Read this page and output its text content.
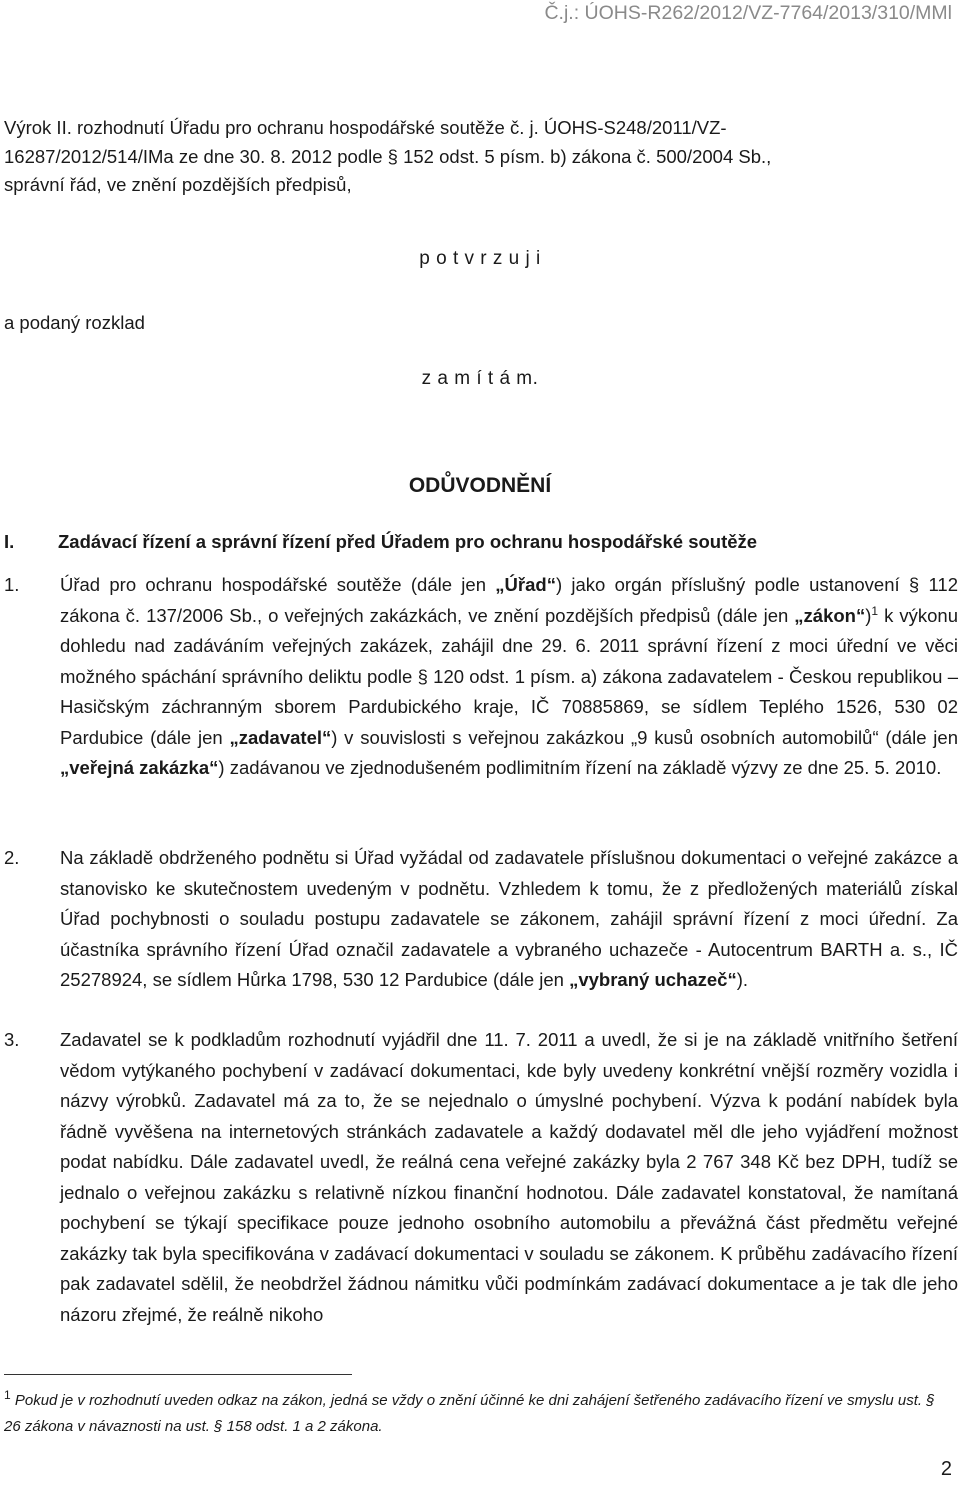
Č.j.: ÚOHS-R262/2012/VZ-7764/2013/310/MMl
Výrok II. rozhodnutí Úřadu pro ochranu hospodářské soutěže č. j. ÚOHS-S248/2011/VZ-
16287/2012/514/IMa ze dne 30. 8. 2012 podle § 152 odst. 5 písm. b) zákona č. 500/2004 Sb.,
správní řád, ve znění pozdějších předpisů,
p o t v r z u j i
a podaný rozklad
z a m í t á m.
ODŮVODNĚNÍ
I. Zadávací řízení a správní řízení před Úřadem pro ochranu hospodářské soutěže
1. Úřad pro ochranu hospodářské soutěže (dále jen „Úřad“) jako orgán příslušný podle ustanovení § 112 zákona č. 137/2006 Sb., o veřejných zakázkách, ve znění pozdějších předpisů (dále jen „zákon“)$^1$ k výkonu dohledu nad zadáváním veřejných zakázek, zahájil dne 29. 6. 2011 správní řízení z moci úřední ve věci možného spáchání správního deliktu podle § 120 odst. 1 písm. a) zákona zadavatelem - Českou republikou – Hasičským záchranným sborem Pardubického kraje, IČ 70885869, se sídlem Teplého 1526, 530 02 Pardubice (dále jen „zadavatel“) v souvislosti s veřejnou zakázkou „9 kusů osobních automobilů“ (dále jen „veřejná zakázka“) zadávanou ve zjednodušeném podlimitním řízení na základě výzvy ze dne 25. 5. 2010.
2. Na základě obdrženého podnětu si Úřad vyžádal od zadavatele příslušnou dokumentaci o veřejné zakázce a stanovisko ke skutečnostem uvedeným v podnětu. Vzhledem k tomu, že z předložených materiálů získal Úřad pochybnosti o souladu postupu zadavatele se zákonem, zahájil správní řízení z moci úřední. Za účastníka správního řízení Úřad označil zadavatele a vybraného uchazeče - Autocentrum BARTH a. s., IČ 25278924, se sídlem Hůrka 1798, 530 12 Pardubice (dále jen „vybraný uchazeč“).
3. Zadavatel se k podkladům rozhodnutí vyjádřil dne 11. 7. 2011 a uvedl, že si je na základě vnitřního šetření vědom vytýkaného pochybení v zadávací dokumentaci, kde byly uvedeny konkrétní vnější rozměry vozidla i názvy výrobků. Zadavatel má za to, že se nejednalo o úmyslné pochybení. Výzva k podání nabídek byla řádně vyvěšena na internetových stránkách zadavatele a každý dodavatel měl dle jeho vyjádření možnost podat nabídku. Dále zadavatel uvedl, že reálná cena veřejné zakázky byla 2 767 348 Kč bez DPH, tudíž se jednalo o veřejnou zakázku s relativně nízkou finanční hodnotou. Dále zadavatel konstatoval, že namítaná pochybení se týkají specifikace pouze jednoho osobního automobilu a převážná část předmětu veřejné zakázky tak byla specifikována v zadávací dokumentaci v souladu se zákonem. K průběhu zadávacího řízení pak zadavatel sdělil, že neobdržel žádnou námitku vůči podmínkám zadávací dokumentace a je tak dle jeho názoru zřejmé, že reálně nikoho
$^1$ Pokud je v rozhodnutí uveden odkaz na zákon, jedná se vždy o znění účinné ke dni zahájení šetřeného zadávacího řízení ve smyslu ust. § 26 zákona v návaznosti na ust. § 158 odst. 1 a 2 zákona.
2
